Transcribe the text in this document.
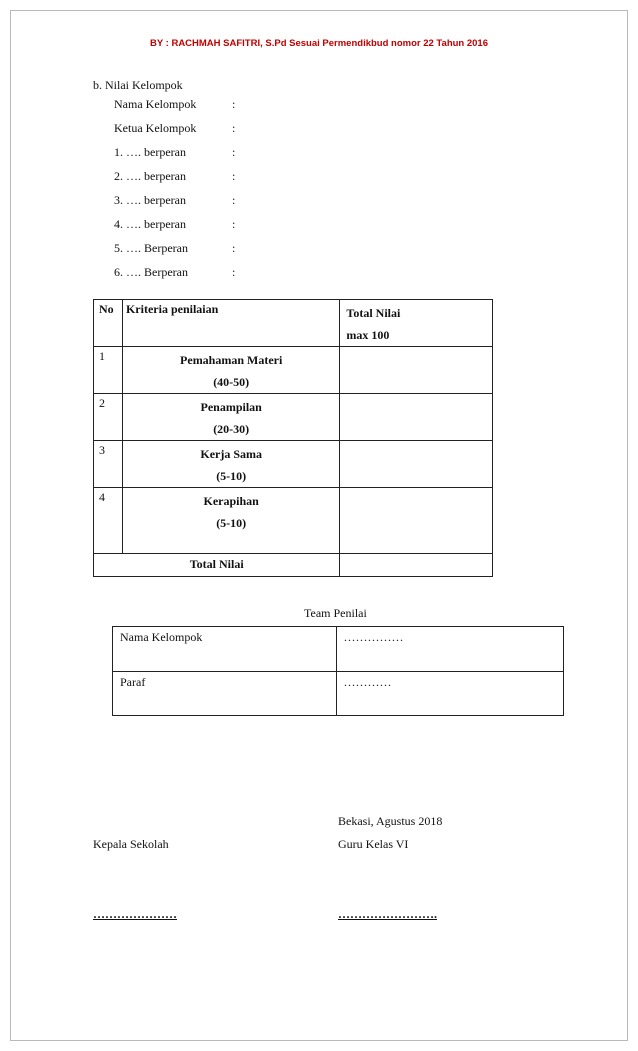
BY : RACHMAH SAFITRI, S.Pd Sesuai Permendikbud nomor 22 Tahun 2016
b. Nilai Kelompok
Nama Kelompok	:
Ketua Kelompok	:
1. …. berperan	:
2. …. berperan	:
3. …. berperan	:
4. …. berperan	:
5. …. Berperan	:
6. …. Berperan	:
No	Kriteria penilaian	Total Nilai
max 100

1	Pemahaman Materi
(40-50)	

2	Penampilan
(20-30)	

3	Kerja Sama
(5-10)	

4	Kerapihan
(5-10)	

Total Nilai		
Team Penilai
Nama Kelompok	……………
Paraf	…………
Bekasi, Agustus 2018
Kepala Sekolah	Guru Kelas VI
…………………	…………………….
